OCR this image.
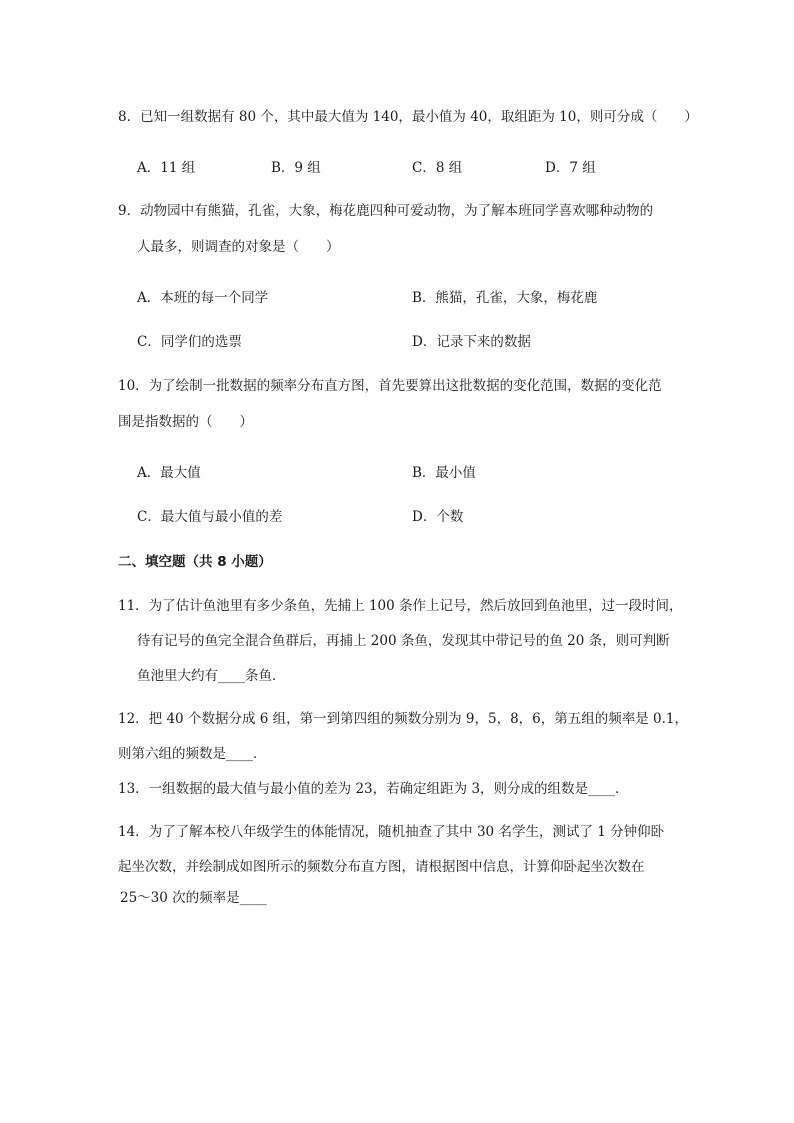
8．已知一组数据有 80 个，其中最大值为 140，最小值为 40，取组距为 10，则可分成（　　）
A．11 组	B．9 组	C．8 组	D．7 组
9．动物园中有熊猫，孔雀，大象，梅花鹿四种可爱动物，为了解本班同学喜欢哪种动物的
人最多，则调查的对象是（　　）
A．本班的每一个同学	B．熊猫，孔雀，大象，梅花鹿
C．同学们的选票	D．记录下来的数据
10．为了绘制一批数据的频率分布直方图，首先要算出这批数据的变化范围，数据的变化范
围是指数据的（　　）
A．最大值	B．最小值
C．最大值与最小值的差	D．个数
二、填空题（共 8 小题）
11．为了估计鱼池里有多少条鱼，先捕上 100 条作上记号，然后放回到鱼池里，过一段时间，
待有记号的鱼完全混合鱼群后，再捕上 200 条鱼，发现其中带记号的鱼 20 条，则可判断
鱼池里大约有____条鱼．
12．把 40 个数据分成 6 组，第一到第四组的频数分别为 9，5，8，6，第五组的频率是 0.1，
则第六组的频数是____．
13．一组数据的最大值与最小值的差为 23，若确定组距为 3，则分成的组数是____．
14．为了了解本校八年级学生的体能情况，随机抽查了其中 30 名学生，测试了 1 分钟仰卧
起坐次数，并绘制成如图所示的频数分布直方图，请根据图中信息，计算仰卧起坐次数在
25～30 次的频率是____
